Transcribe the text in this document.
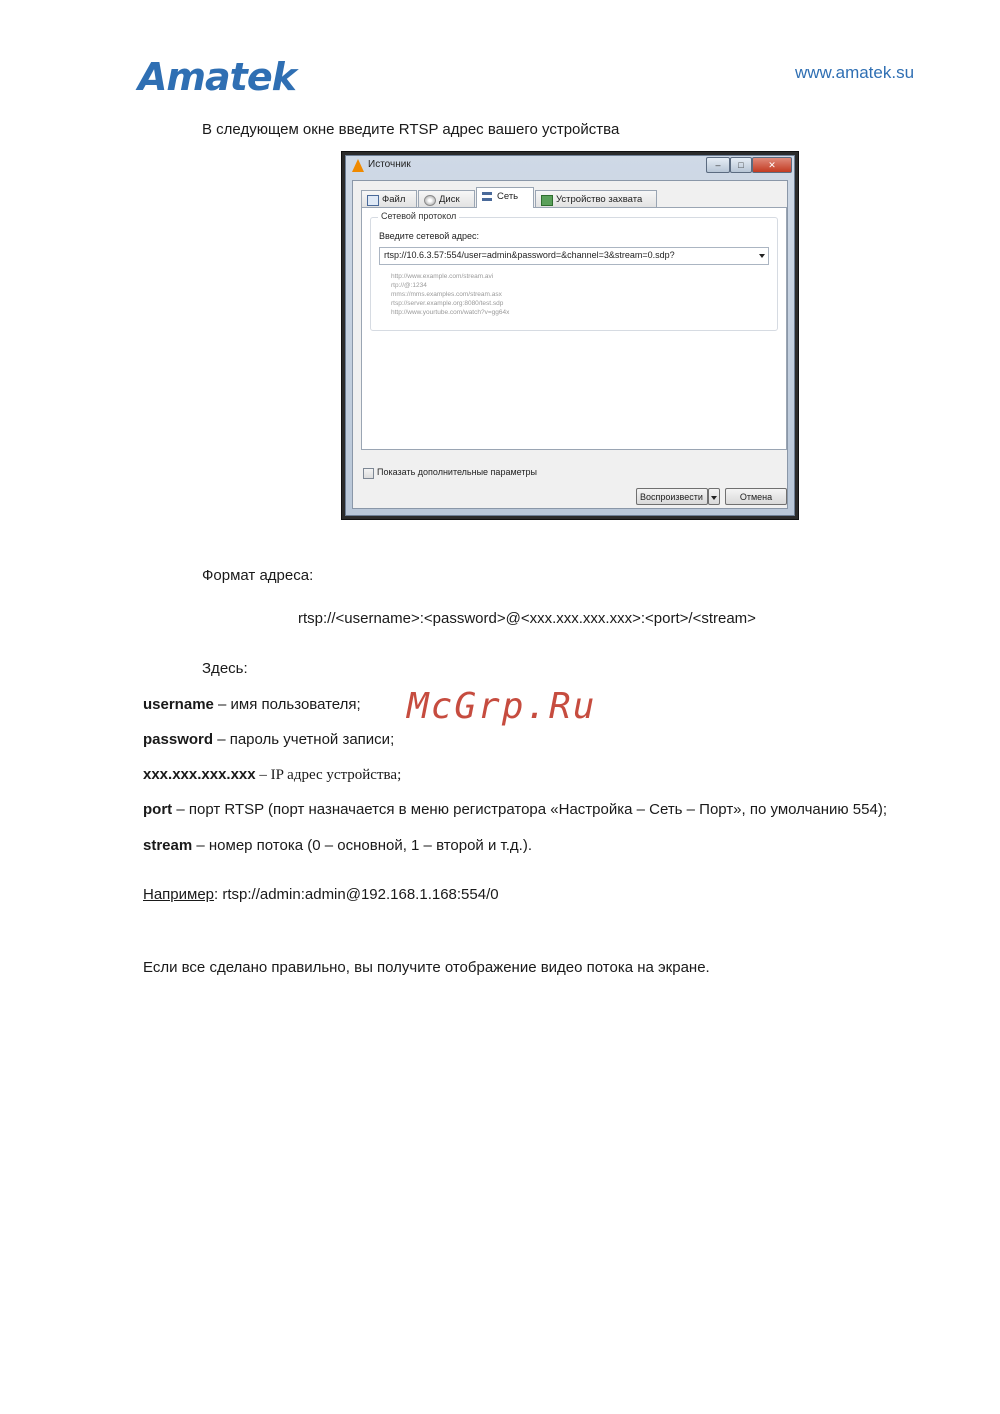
Amatek	www.amatek.su
В следующем окне введите RTSP адрес вашего устройства
Источник	–	□	✕
Файл	Диск	Сеть	Устройство захвата
Сетевой протокол
Введите сетевой адрес:
rtsp://10.6.3.57:554/user=admin&password=&channel=3&stream=0.sdp?
http://www.example.com/stream.avi
rtp://@:1234
mms://mms.examples.com/stream.asx
rtsp://server.example.org:8080/test.sdp
http://www.yourtube.com/watch?v=gg64x
Показать дополнительные параметры
Воспроизвести	Отмена
Формат адреса:
rtsp://<username>:<password>@<xxx.xxx.xxx.xxx>:<port>/<stream>
Здесь:
username – имя пользователя;
password – пароль учетной записи;
xxx.xxx.xxx.xxx – IP адрес устройства;
port – порт RTSP (порт назначается в меню регистратора «Настройка – Сеть – Порт», по умолчанию 554);
stream – номер потока (0 – основной, 1 – второй и т.д.).
Например: rtsp://admin:admin@192.168.1.168:554/0
Если все сделано правильно, вы получите отображение видео потока на экране.
McGrp.Ru
